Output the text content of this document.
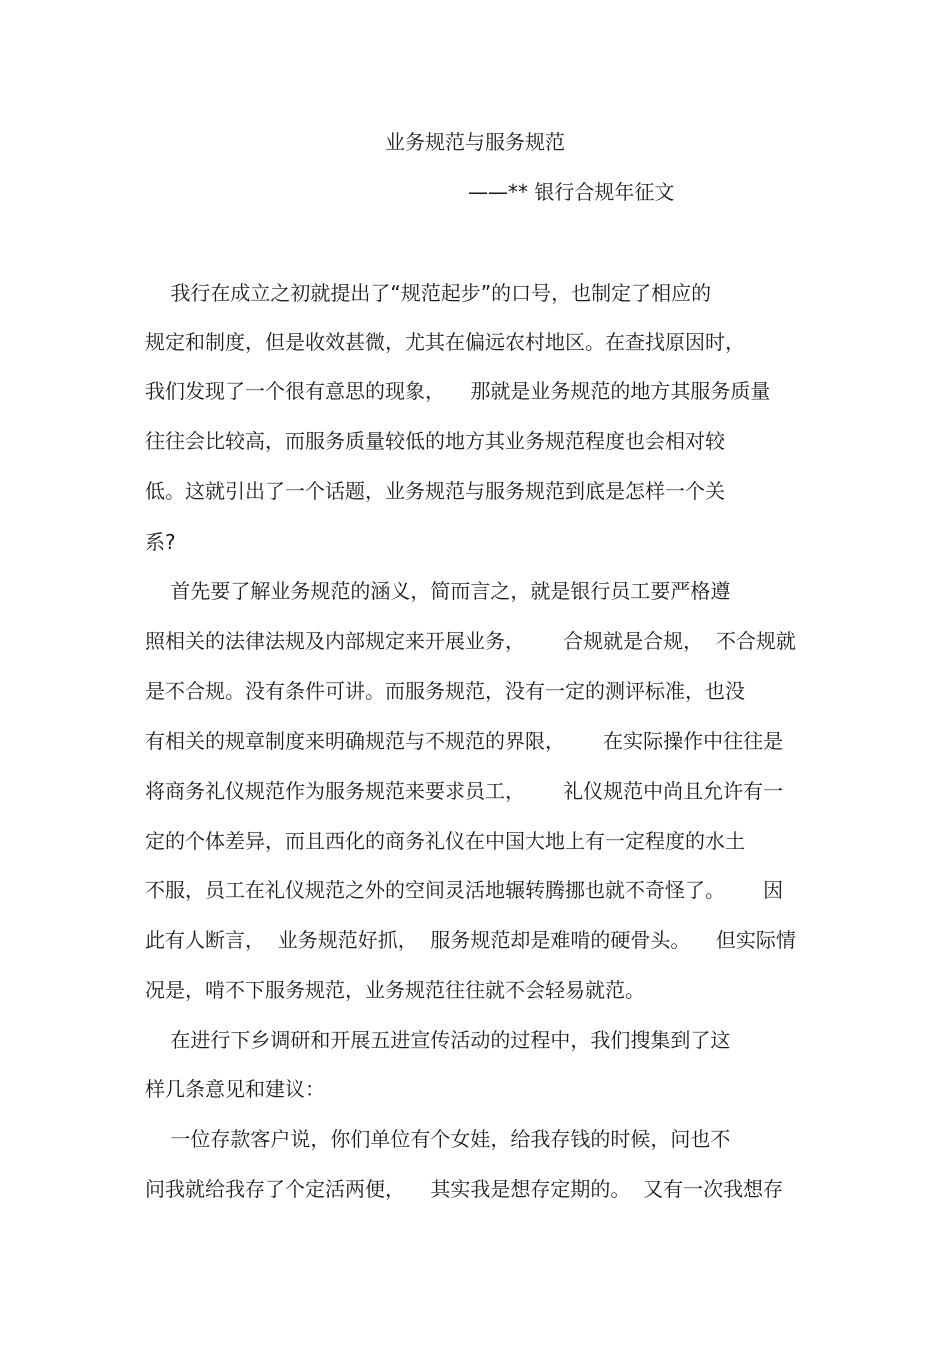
业务规范与服务规范
——** 银行合规年征文
我行在成立之初就提出了“规范起步”的口号，也制定了相应的
规定和制度，但是收效甚微，尤其在偏远农村地区。在查找原因时，
我们发现了一个很有意思的现象，    那就是业务规范的地方其服务质量
往往会比较高，而服务质量较低的地方其业务规范程度也会相对较
低。这就引出了一个话题，业务规范与服务规范到底是怎样一个关
系?
首先要了解业务规范的涵义，简而言之，就是银行员工要严格遵
照相关的法律法规及内部规定来开展业务，      合规就是合规，  不合规就
是不合规。没有条件可讲。而服务规范，没有一定的测评标准，也没
有相关的规章制度来明确规范与不规范的界限，      在实际操作中往往是
将商务礼仪规范作为服务规范来要求员工，      礼仪规范中尚且允许有一
定的个体差异，而且西化的商务礼仪在中国大地上有一定程度的水土
不服，员工在礼仪规范之外的空间灵活地辗转腾挪也就不奇怪了。      因
此有人断言，  业务规范好抓，  服务规范却是难啃的硬骨头。    但实际情
况是，啃不下服务规范，业务规范往往就不会轻易就范。
在进行下乡调研和开展五进宣传活动的过程中，我们搜集到了这
样几条意见和建议：
一位存款客户说，你们单位有个女娃，给我存钱的时候，问也不
问我就给我存了个定活两便，    其实我是想存定期的。  又有一次我想存
